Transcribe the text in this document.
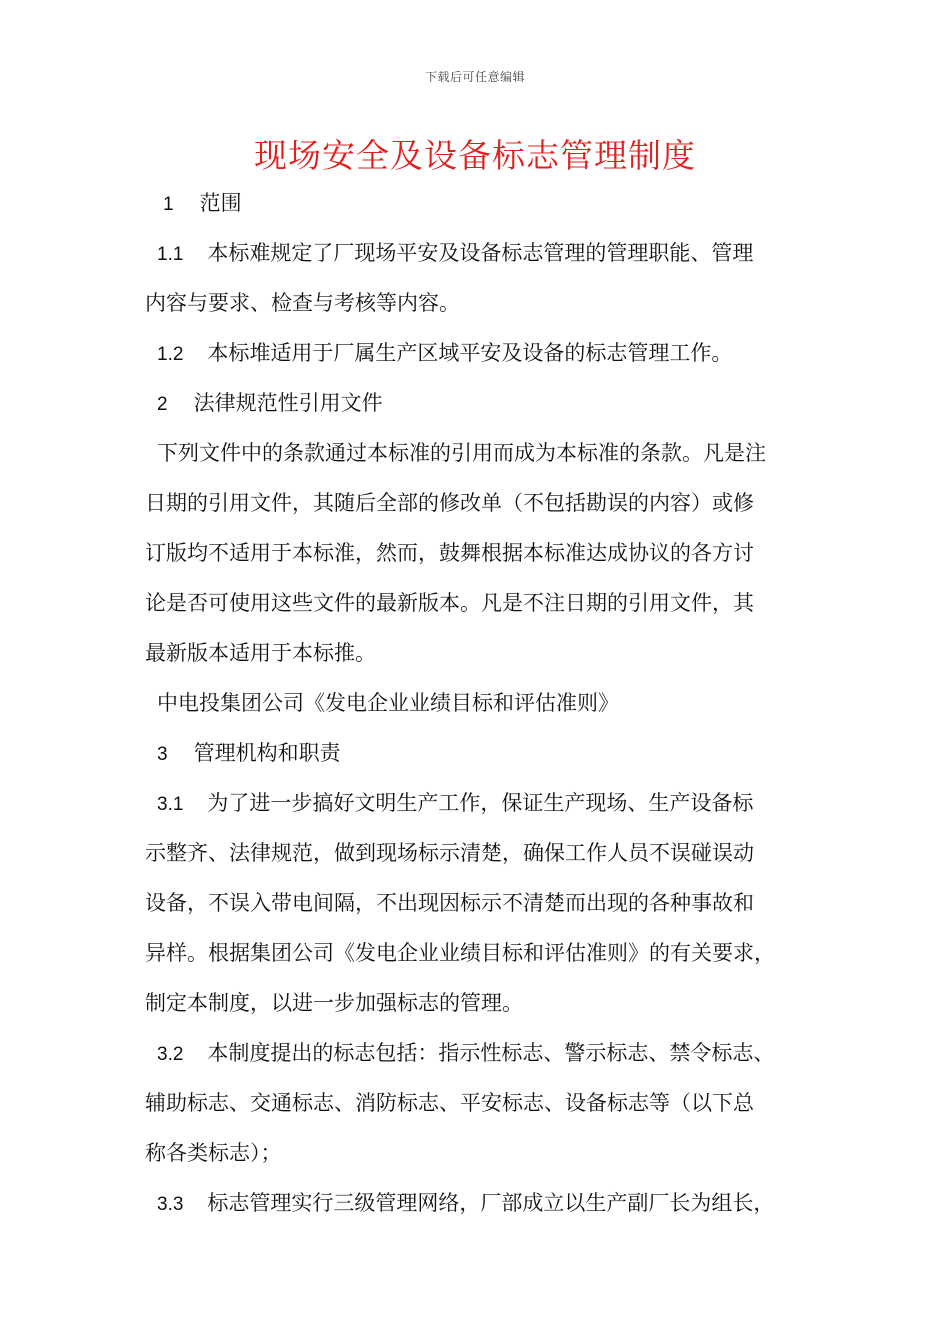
下载后可任意编辑
现场安全及设备标志管理制度
1 范围
1.1 本标难规定了厂现场平安及设备标志管理的管理职能、管理
内容与要求、检查与考核等内容。
1.2 本标堆适用于厂属生产区域平安及设备的标志管理工作。
2 法律规范性引用文件
下列文件中的条款通过本标准的引用而成为本标准的条款。凡是注
日期的引用文件，其随后全部的修改单（不包括勘误的内容）或修
订版均不适用于本标淮，然而，鼓舞根据本标准达成协议的各方讨
论是否可使用这些文件的最新版本。凡是不注日期的引用文件，其
最新版本适用于本标推。
中电投集团公司《发电企业业绩目标和评估准则》
3 管理机构和职责
3.1 为了进一步搞好文明生产工作，保证生产现场、生产设备标
示整齐、法律规范，做到现场标示清楚，确保工作人员不误碰误动
设备，不误入带电间隔，不出现因标示不清楚而出现的各种事故和
异样。根据集团公司《发电企业业绩目标和评估准则》的有关要求，
制定本制度，以进一步加强标志的管理。
3.2 本制度提出的标志包括：指示性标志、警示标志、禁令标志、
辅助标志、交通标志、消防标志、平安标志、设备标志等（以下总
称各类标志）；
3.3 标志管理实行三级管理网络，厂部成立以生产副厂长为组长，
